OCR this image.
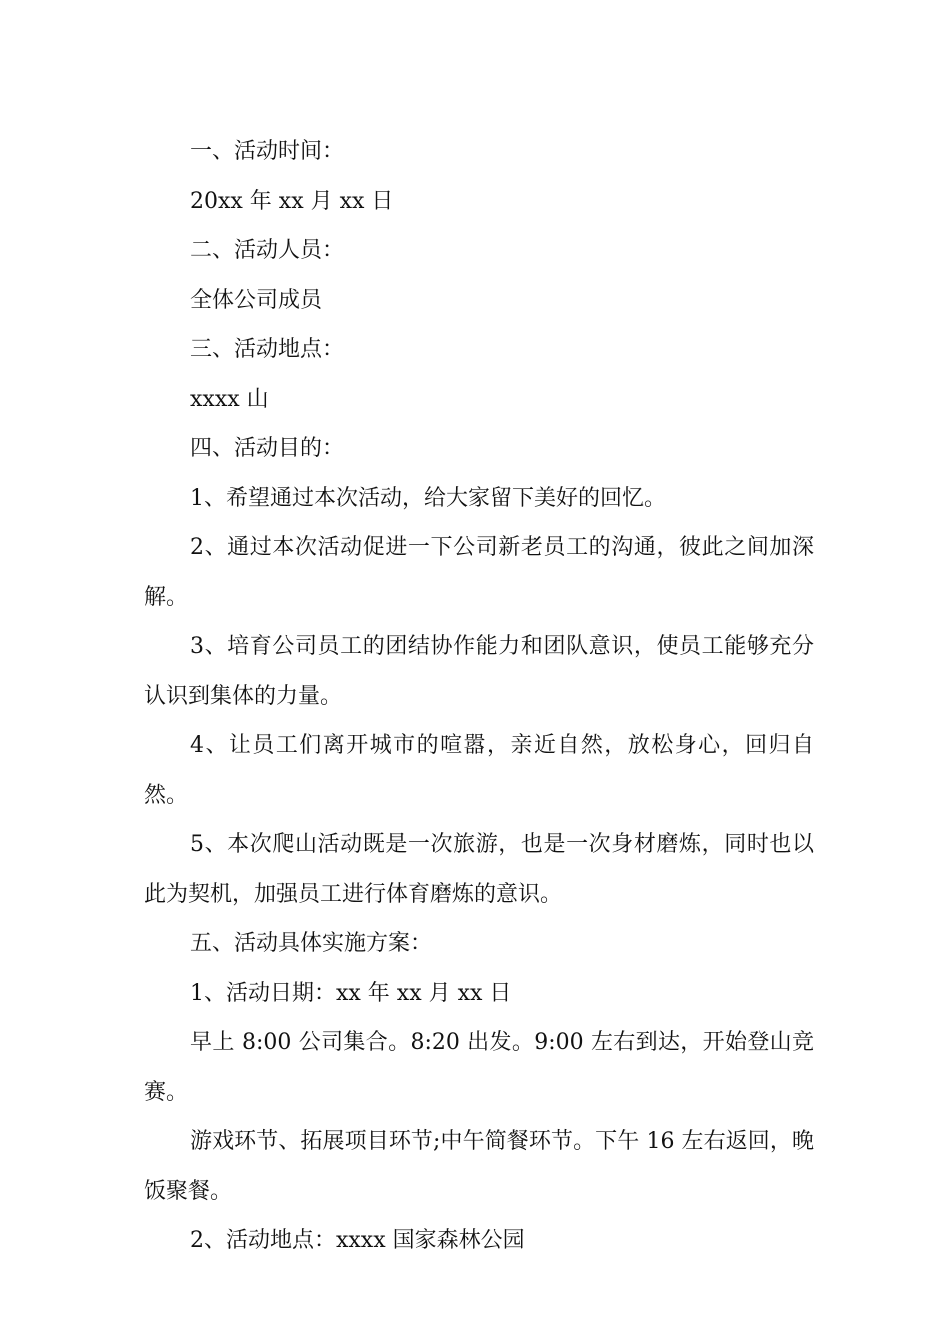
一、活动时间：

20xx 年 xx 月 xx 日

二、活动人员：

全体公司成员

三、活动地点：

xxxx 山

四、活动目的：

1、希望通过本次活动，给大家留下美好的回忆。

2、通过本次活动促进一下公司新老员工的沟通，彼此之间加深解。

3、培育公司员工的团结协作能力和团队意识，使员工能够充分认识到集体的力量。

4、让员工们离开城市的喧嚣，亲近自然，放松身心，回归自然。

5、本次爬山活动既是一次旅游，也是一次身材磨炼，同时也以此为契机，加强员工进行体育磨炼的意识。

五、活动具体实施方案：

1、活动日期：xx 年 xx 月 xx 日

早上 8:00 公司集合。8:20 出发。9:00 左右到达，开始登山竞赛。

游戏环节、拓展项目环节;中午简餐环节。下午 16 左右返回，晚饭聚餐。

2、活动地点：xxxx 国家森林公园
